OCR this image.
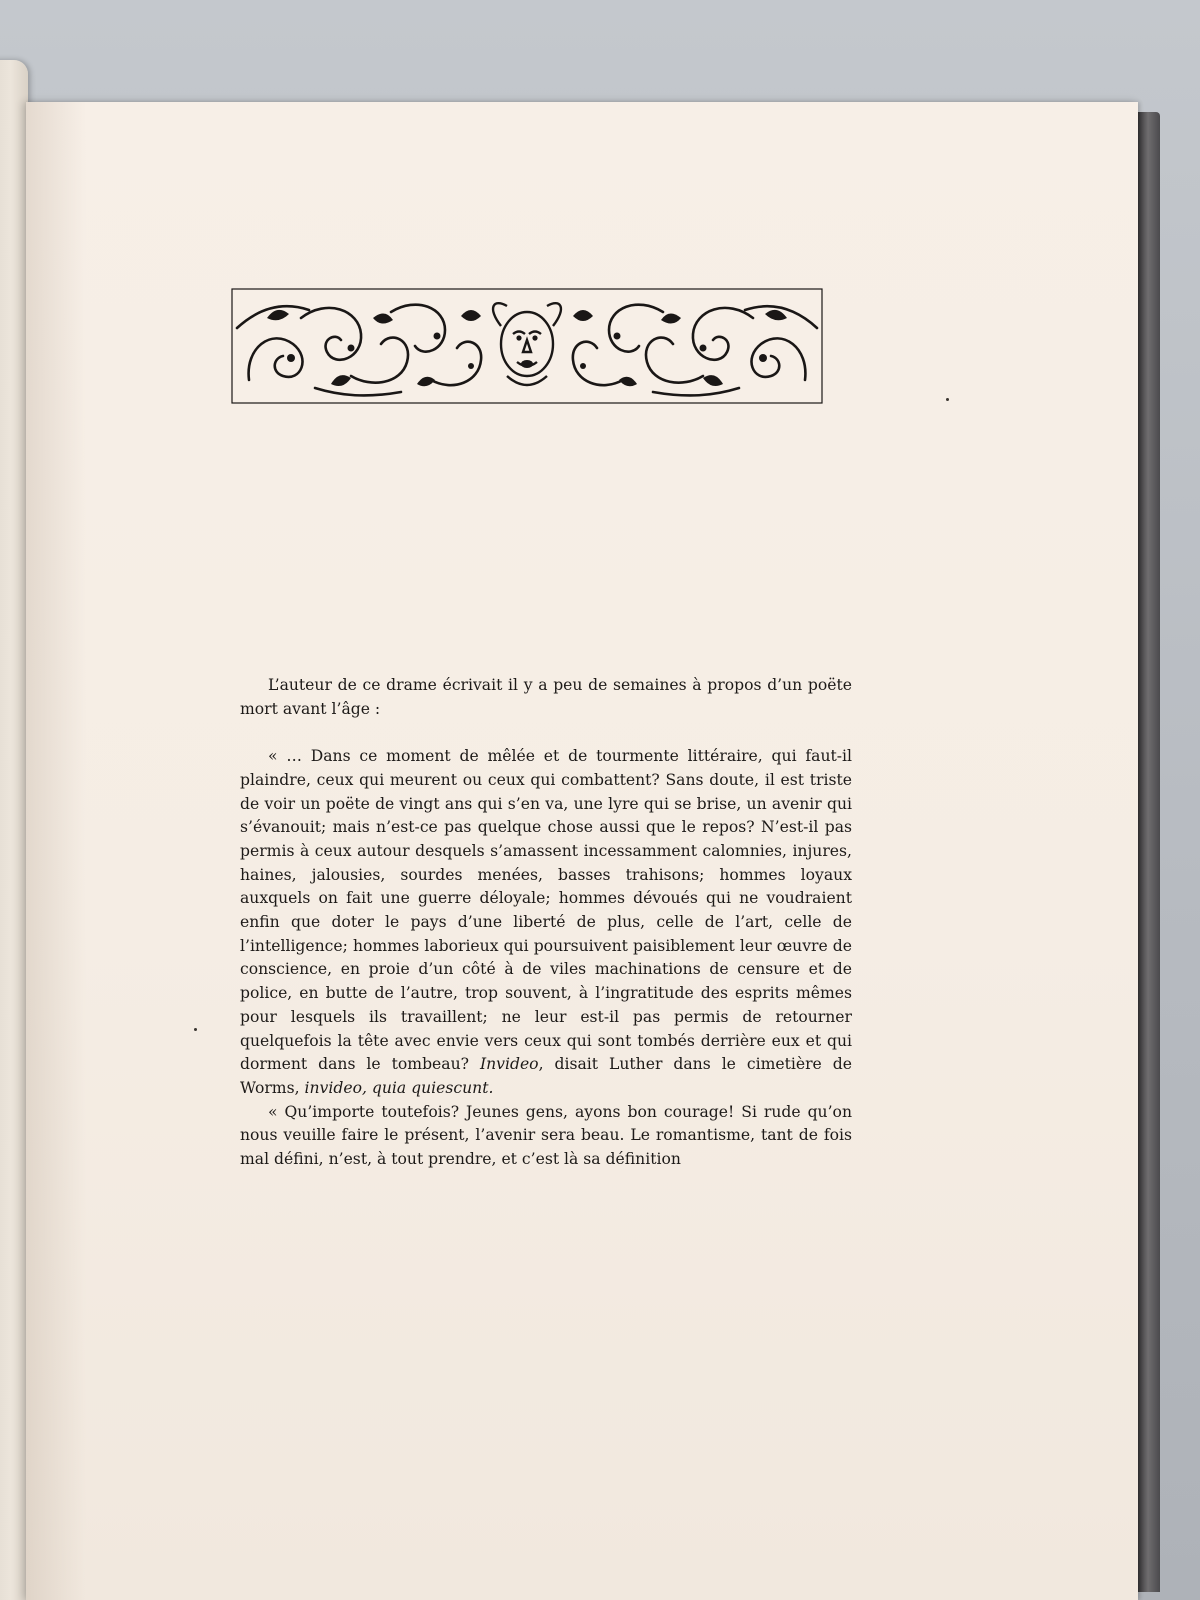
L’auteur de ce drame écrivait il y a peu de semaines à propos d’un poëte mort avant l’âge :

« … Dans ce moment de mêlée et de tourmente littéraire, qui faut-il plaindre, ceux qui meurent ou ceux qui combattent? Sans doute, il est triste de voir un poëte de vingt ans qui s’en va, une lyre qui se brise, un avenir qui s’évanouit; mais n’est-ce pas quelque chose aussi que le repos? N’est-il pas permis à ceux autour desquels s’amassent incessamment calomnies, injures, haines, jalousies, sourdes menées, basses trahisons; hommes loyaux auxquels on fait une guerre déloyale; hommes dévoués qui ne voudraient enfin que doter le pays d’une liberté de plus, celle de l’art, celle de l’intelligence; hommes laborieux qui poursuivent paisiblement leur œuvre de conscience, en proie d’un côté à de viles machinations de censure et de police, en butte de l’autre, trop souvent, à l’ingratitude des esprits mêmes pour lesquels ils travaillent; ne leur est-il pas permis de retourner quelquefois la tête avec envie vers ceux qui sont tombés derrière eux et qui dorment dans le tombeau? Invideo, disait Luther dans le cimetière de Worms, invideo, quia quiescunt.

« Qu’importe toutefois? Jeunes gens, ayons bon courage! Si rude qu’on nous veuille faire le présent, l’avenir sera beau. Le romantisme, tant de fois mal défini, n’est, à tout prendre, et c’est là sa définition
